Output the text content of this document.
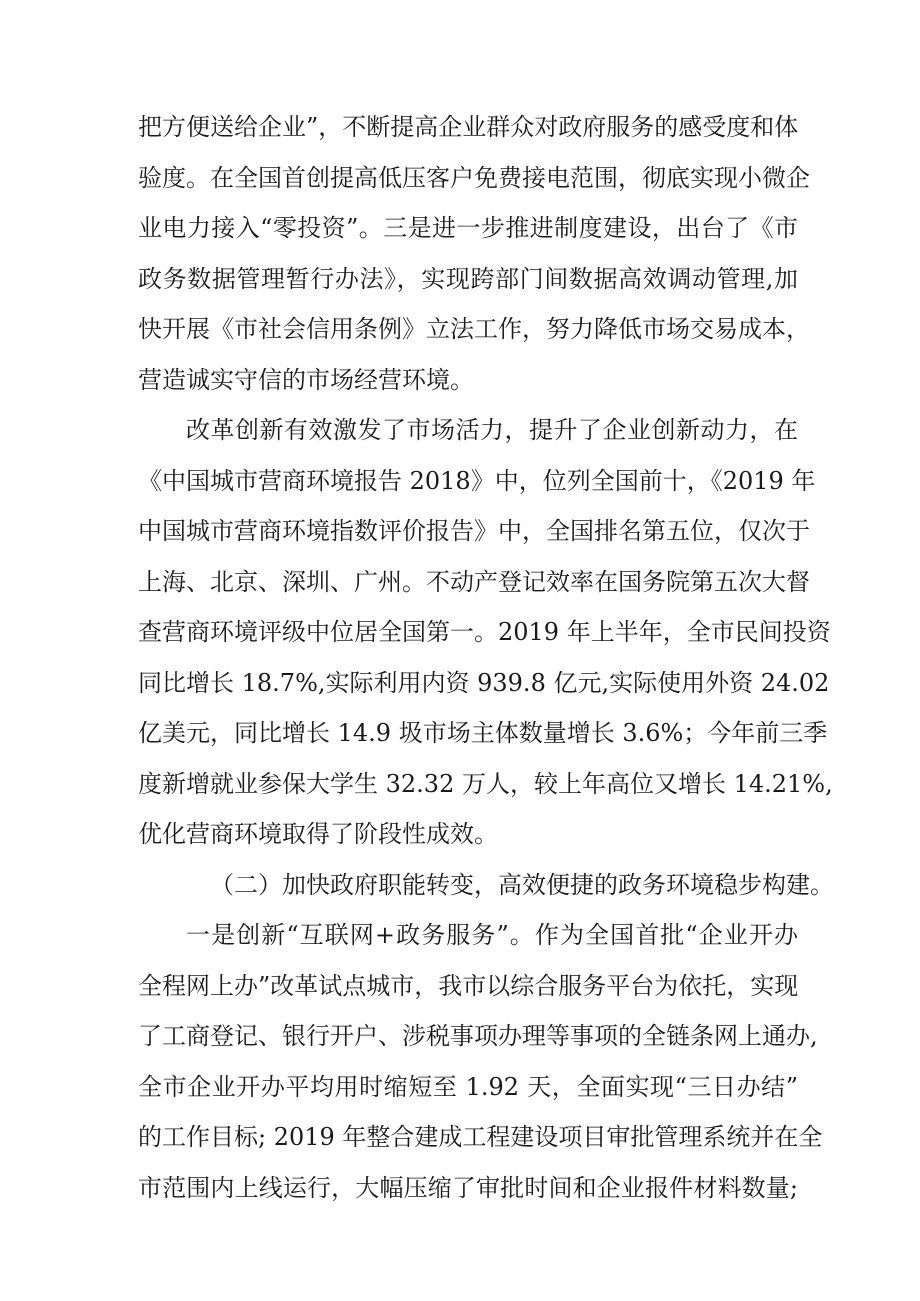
把方便送给企业”，不断提高企业群众对政府服务的感受度和体
验度。在全国首创提高低压客户免费接电范围，彻底实现小微企
业电力接入“零投资”。三是进一步推进制度建设，出台了《市
政务数据管理暂行办法》，实现跨部门间数据高效调动管理,加
快开展《市社会信用条例》立法工作，努力降低市场交易成本，
营造诚实守信的市场经营环境。
改革创新有效激发了市场活力，提升了企业创新动力，在
《中国城市营商环境报告 2018》中，位列全国前十，《2019 年
中国城市营商环境指数评价报告》中，全国排名第五位，仅次于
上海、北京、深圳、广州。不动产登记效率在国务院第五次大督
查营商环境评级中位居全国第一。2019 年上半年，全市民间投资
同比增长 18.7%,实际利用内资 939.8 亿元,实际使用外资 24.02
亿美元，同比增长 14.9 圾市场主体数量增长 3.6%；今年前三季
度新增就业参保大学生 32.32 万人，较上年高位又增长 14.21%,
优化营商环境取得了阶段性成效。
（二）加快政府职能转变，高效便捷的政务环境稳步构建。
一是创新“互联网+政务服务”。作为全国首批“企业开办
全程网上办”改革试点城市，我市以综合服务平台为依托，实现
了工商登记、银行开户、涉税事项办理等事项的全链条网上通办,
全市企业开办平均用时缩短至 1.92 天，全面实现“三日办结”
的工作目标; 2019 年整合建成工程建设项目审批管理系统并在全
市范围内上线运行，大幅压缩了审批时间和企业报件材料数量;
